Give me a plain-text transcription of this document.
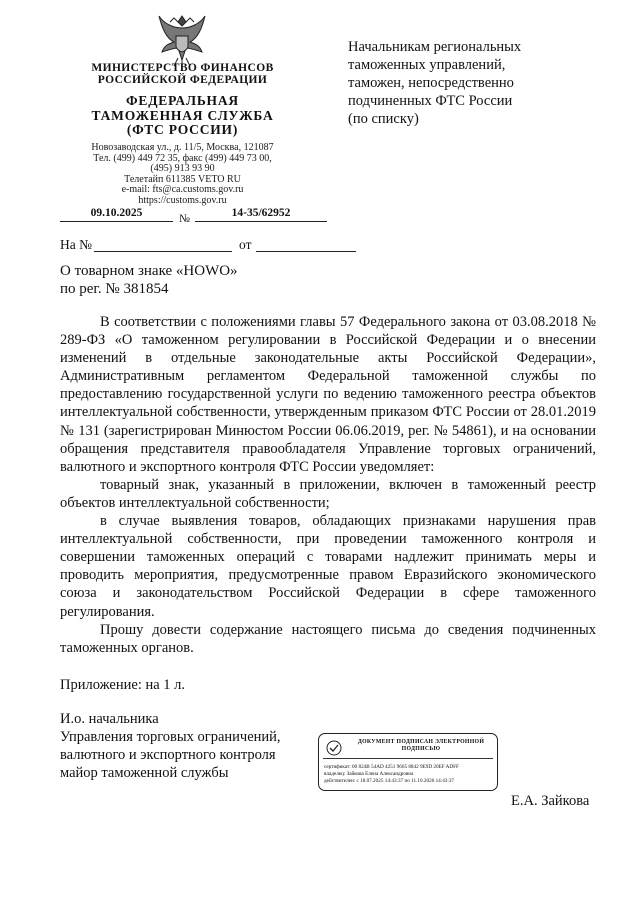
МИНИСТЕРСТВО ФИНАНСОВ
РОССИЙСКОЙ ФЕДЕРАЦИИ
ФЕДЕРАЛЬНАЯ
ТАМОЖЕННАЯ СЛУЖБА
(ФТС РОССИИ)
Новозаводская ул., д. 11/5, Москва, 121087
Тел. (499) 449 72 35, факс (499) 449 73 00,
(495) 913 93 90
Телетайп 611385 VETO RU
e-mail: fts@ca.customs.gov.ru
https://customs.gov.ru
09.10.2025	№	14-35/62952
На №	от
О товарном знаке «HOWO»
по рег. № 381854
Начальникам региональных
таможенных управлений,
таможен, непосредственно
подчиненных ФТС России
(по списку)

В соответствии с положениями главы 57 Федерального закона от 03.08.2018 № 289-ФЗ «О таможенном регулировании в Российской Федерации и о внесении изменений в отдельные законодательные акты Российской Федерации», Административным регламентом Федеральной таможенной службы по предоставлению государственной услуги по ведению таможенного реестра объектов интеллектуальной собственности, утвержденным приказом ФТС России от 28.01.2019 № 131 (зарегистрирован Минюстом России 06.06.2019, рег. № 54861), и на основании обращения представителя правообладателя Управление торговых ограничений, валютного и экспортного контроля ФТС России уведомляет:

товарный знак, указанный в приложении, включен в таможенный реестр объектов интеллектуальной собственности;

в случае выявления товаров, обладающих признаками нарушения прав интеллектуальной собственности, при проведении таможенного контроля и совершении таможенных операций с товарами надлежит принимать меры и проводить мероприятия, предусмотренные правом Евразийского экономического союза и законодательством Российской Федерации в сфере таможенного регулирования.

Прошу довести содержание настоящего письма до сведения подчиненных таможенных органов.

Приложение: на 1 л.
И.о. начальника
Управления торговых ограничений,
валютного и экспортного контроля
майор таможенной службы
ДОКУМЕНТ ПОДПИСАН ЭЛЕКТРОННОЙ
ПОДПИСЬЮ
сертификат: 00 824B 54AD 4251 9665 8842 9E9D 20EF ADFF
владелец: Зайкова Елена Александровна
действителен: с 18.07.2025 14:43:37 по 11.10.2026 14:43:37
Е.А. Зайкова
